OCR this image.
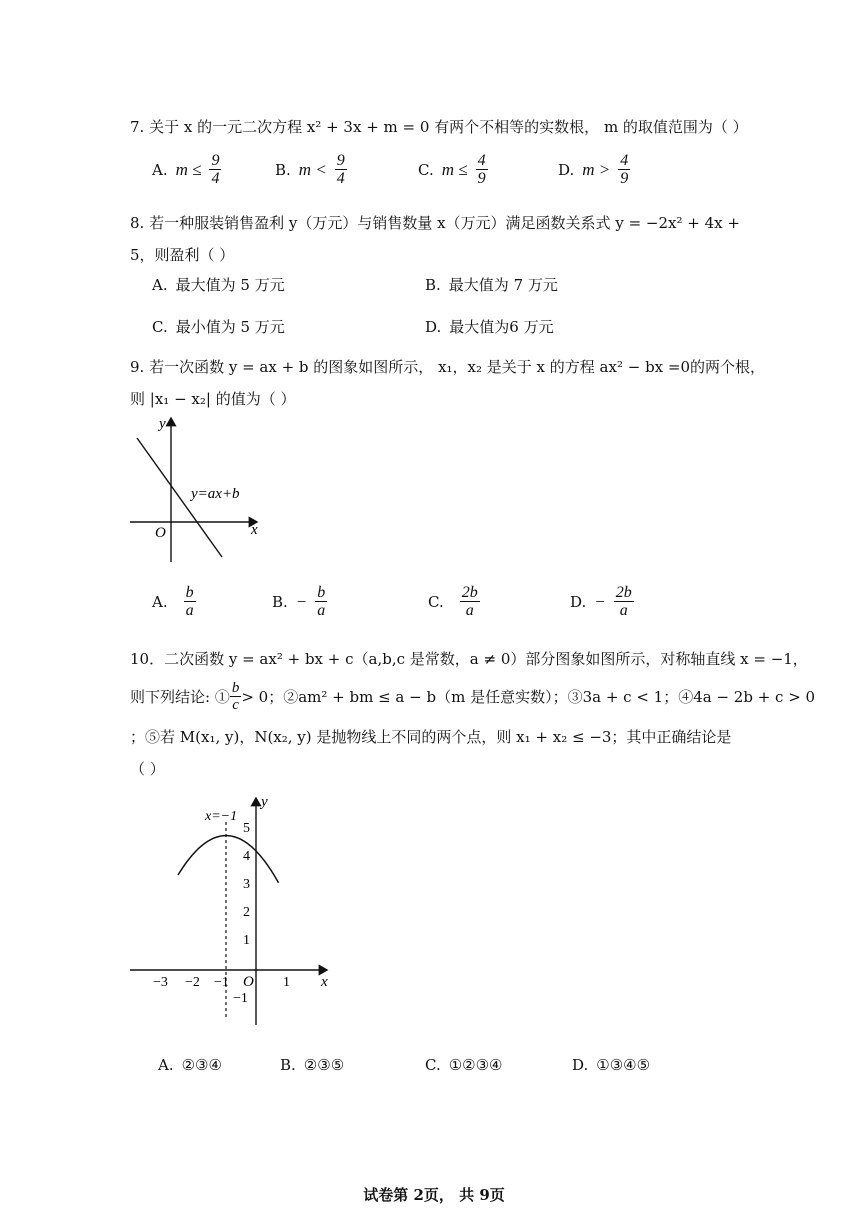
7. 关于 x 的一元二次方程 x² + 3x + m = 0 有两个不相等的实数根， m 的取值范围为（ ）
A. $m \le \frac{9}{4}$	B. $m < \frac{9}{4}$	C. $m \le \frac{4}{9}$	D. $m > \frac{4}{9}$
8. 若一种服装销售盈利 y（万元）与销售数量 x（万元）满足函数关系式 y = −2x² + 4x +
5，则盈利（ ）
A. 最大值为 5 万元	B. 最大值为 7 万元
C. 最小值为 5 万元	D. 最大值为6 万元
9. 若一次函数 y = ax + b 的图象如图所示， x₁，x₂ 是关于 x 的方程 ax² − bx =0的两个根，
则 |x₁ − x₂| 的值为（ ）
O	x
y
y=ax+b
A. $\frac{b}{a}$	B. − $\frac{b}{a}$	C. $\frac{2b}{a}$	D. − $\frac{2b}{a}$
10．二次函数 y = ax² + bx + c（a,b,c 是常数，a ≠ 0）部分图象如图所示，对称轴直线 x = −1，
则下列结论: ① $\frac{b}{c} > 0$；②am² + bm ≤ a − b（m 是任意实数）；③3a + c < 1；④4a − 2b + c > 0
；⑤若 M(x₁, y)，N(x₂, y) 是抛物线上不同的两个点，则 x₁ + x₂ ≤ −3；其中正确结论是
（ ）
−3 −2 −1 O 1 x
5
4
3
2
1
−1
y
x=−1
A. ②③④	B. ②③⑤	C. ①②③④	D. ①③④⑤
试卷第 2页， 共 9页
